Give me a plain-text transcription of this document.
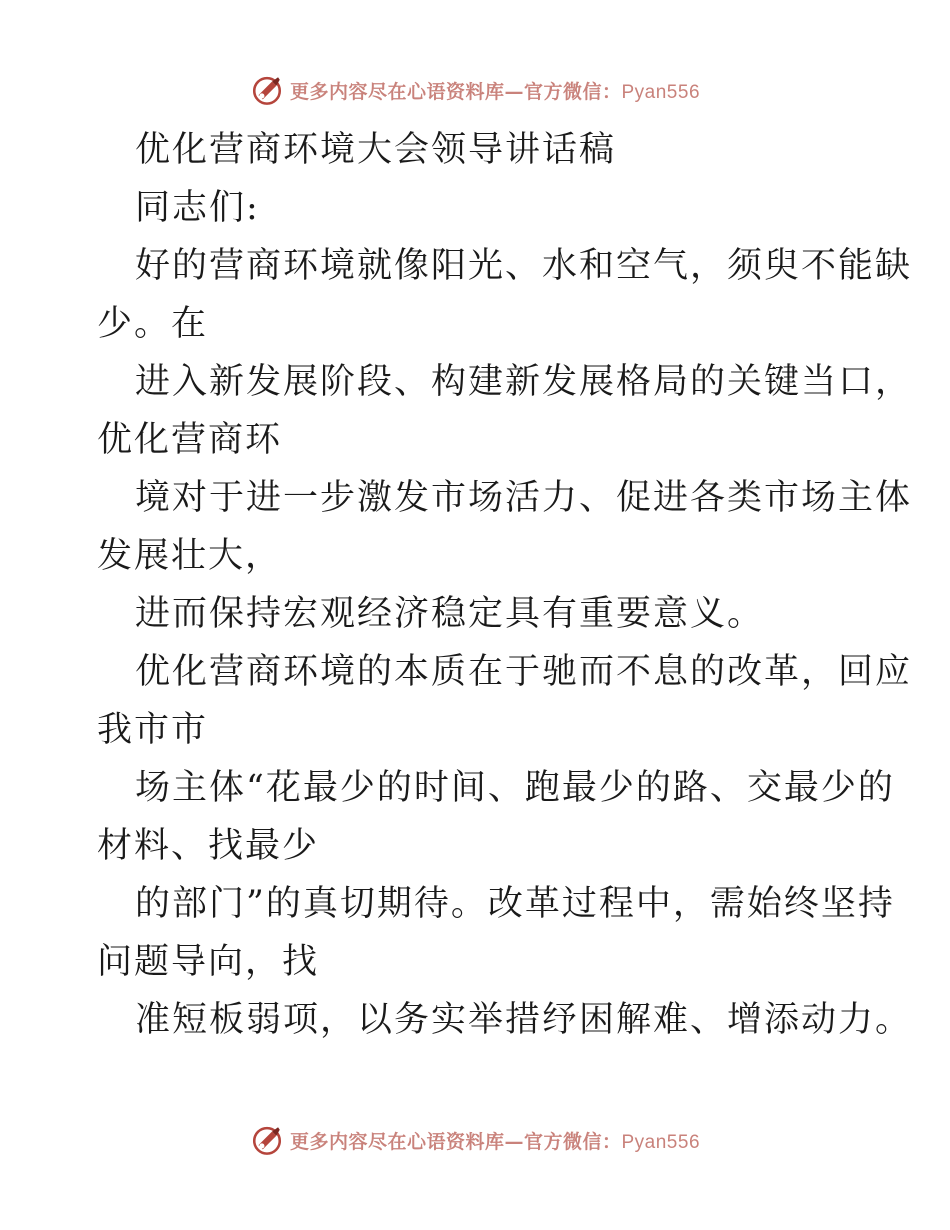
更多内容尽在心语资料库—官方微信：Pyan556
优化营商环境大会领导讲话稿
同志们:
好的营商环境就像阳光、水和空气，须臾不能缺
少。在
进入新发展阶段、构建新发展格局的关键当口，
优化营商环
境对于进一步激发市场活力、促进各类市场主体
发展壮大，
进而保持宏观经济稳定具有重要意义。
优化营商环境的本质在于驰而不息的改革，回应
我市市
场主体“花最少的时间、跑最少的路、交最少的
材料、找最少
的部门”的真切期待。改革过程中，需始终坚持
问题导向，找
准短板弱项，以务实举措纾困解难、增添动力。
更多内容尽在心语资料库—官方微信：Pyan556
